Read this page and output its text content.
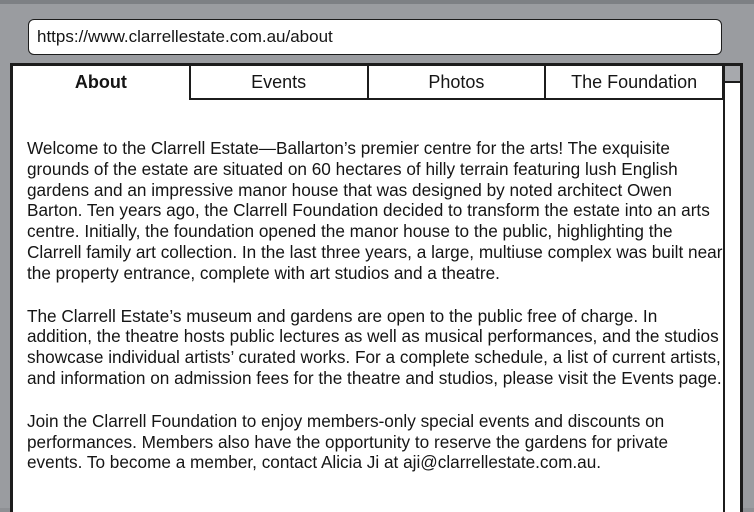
https://www.clarrellestate.com.au/about
About	Events	Photos	The Foundation

Welcome to the Clarrell Estate—Ballarton’s premier centre for the arts! The exquisite grounds of the estate are situated on 60 hectares of hilly terrain featuring lush English gardens and an impressive manor house that was designed by noted architect Owen Barton. Ten years ago, the Clarrell Foundation decided to transform the estate into an arts centre. Initially, the foundation opened the manor house to the public, highlighting the Clarrell family art collection. In the last three years, a large, multiuse complex was built near the property entrance, complete with art studios and a theatre.

The Clarrell Estate’s museum and gardens are open to the public free of charge. In addition, the theatre hosts public lectures as well as musical performances, and the studios showcase individual artists’ curated works. For a complete schedule, a list of current artists, and information on admission fees for the theatre and studios, please visit the Events page.

Join the Clarrell Foundation to enjoy members-only special events and discounts on performances. Members also have the opportunity to reserve the gardens for private events. To become a member, contact Alicia Ji at aji@clarrellestate.com.au.
